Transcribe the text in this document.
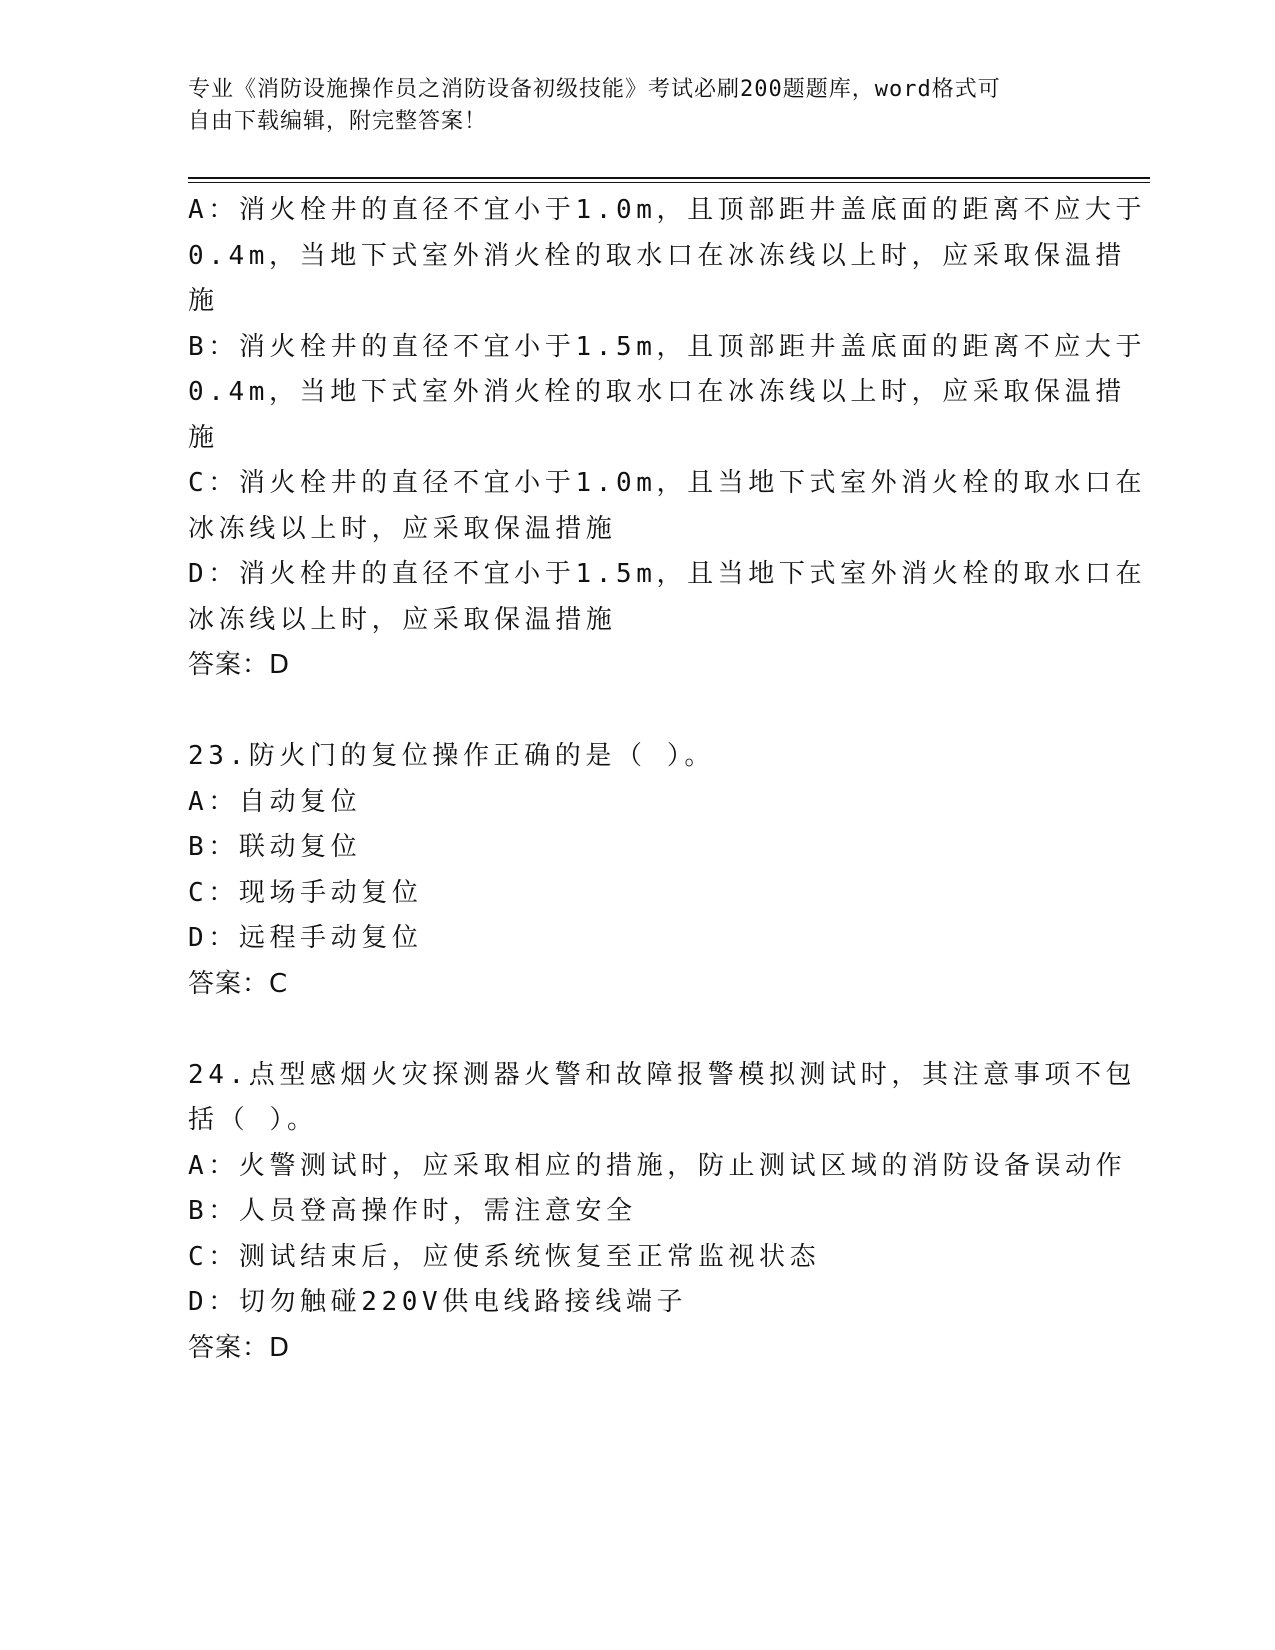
专业《消防设施操作员之消防设备初级技能》考试必刷200题题库，word格式可
自由下载编辑，附完整答案！
A：消火栓井的直径不宜小于1.0m，且顶部距井盖底面的距离不应大于
0.4m，当地下式室外消火栓的取水口在冰冻线以上时，应采取保温措
施
B：消火栓井的直径不宜小于1.5m，且顶部距井盖底面的距离不应大于
0.4m，当地下式室外消火栓的取水口在冰冻线以上时，应采取保温措
施
C：消火栓井的直径不宜小于1.0m，且当地下式室外消火栓的取水口在
冰冻线以上时，应采取保温措施
D：消火栓井的直径不宜小于1.5m，且当地下式室外消火栓的取水口在
冰冻线以上时，应采取保温措施
答案：D
23.防火门的复位操作正确的是（ ）。
A：自动复位
B：联动复位
C：现场手动复位
D：远程手动复位
答案：C
24.点型感烟火灾探测器火警和故障报警模拟测试时，其注意事项不包
括（ ）。
A：火警测试时，应采取相应的措施，防止测试区域的消防设备误动作
B：人员登高操作时，需注意安全
C：测试结束后，应使系统恢复至正常监视状态
D：切勿触碰220V供电线路接线端子
答案：D
